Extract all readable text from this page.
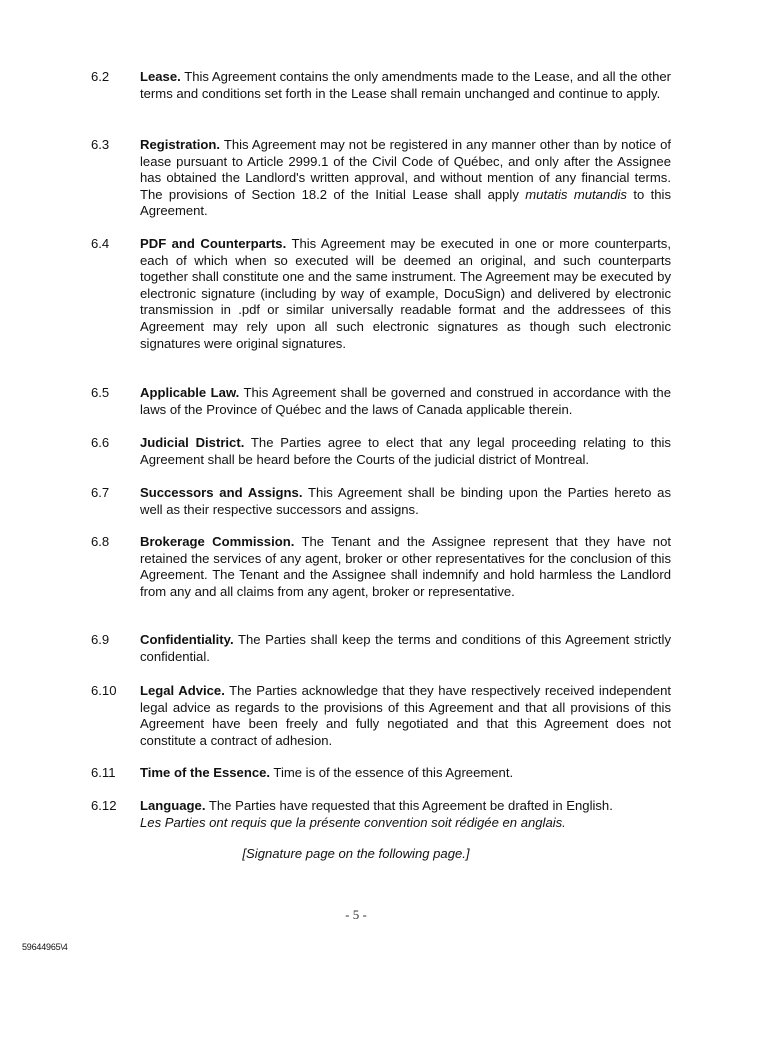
6.2	Lease. This Agreement contains the only amendments made to the Lease, and all the other terms and conditions set forth in the Lease shall remain unchanged and continue to apply.
6.3	Registration. This Agreement may not be registered in any manner other than by notice of lease pursuant to Article 2999.1 of the Civil Code of Québec, and only after the Assignee has obtained the Landlord's written approval, and without mention of any financial terms. The provisions of Section 18.2 of the Initial Lease shall apply mutatis mutandis to this Agreement.
6.4	PDF and Counterparts. This Agreement may be executed in one or more counterparts, each of which when so executed will be deemed an original, and such counterparts together shall constitute one and the same instrument. The Agreement may be executed by electronic signature (including by way of example, DocuSign) and delivered by electronic transmission in .pdf or similar universally readable format and the addressees of this Agreement may rely upon all such electronic signatures as though such electronic signatures were original signatures.
6.5	Applicable Law. This Agreement shall be governed and construed in accordance with the laws of the Province of Québec and the laws of Canada applicable therein.
6.6	Judicial District. The Parties agree to elect that any legal proceeding relating to this Agreement shall be heard before the Courts of the judicial district of Montreal.
6.7	Successors and Assigns. This Agreement shall be binding upon the Parties hereto as well as their respective successors and assigns.
6.8	Brokerage Commission. The Tenant and the Assignee represent that they have not retained the services of any agent, broker or other representatives for the conclusion of this Agreement. The Tenant and the Assignee shall indemnify and hold harmless the Landlord from any and all claims from any agent, broker or representative.
6.9	Confidentiality. The Parties shall keep the terms and conditions of this Agreement strictly confidential.
6.10	Legal Advice. The Parties acknowledge that they have respectively received independent legal advice as regards to the provisions of this Agreement and that all provisions of this Agreement have been freely and fully negotiated and that this Agreement does not constitute a contract of adhesion.
6.11	Time of the Essence. Time is of the essence of this Agreement.
6.12	Language. The Parties have requested that this Agreement be drafted in English.
Les Parties ont requis que la présente convention soit rédigée en anglais.
[Signature page on the following page.]
- 5 -
59644965\4
